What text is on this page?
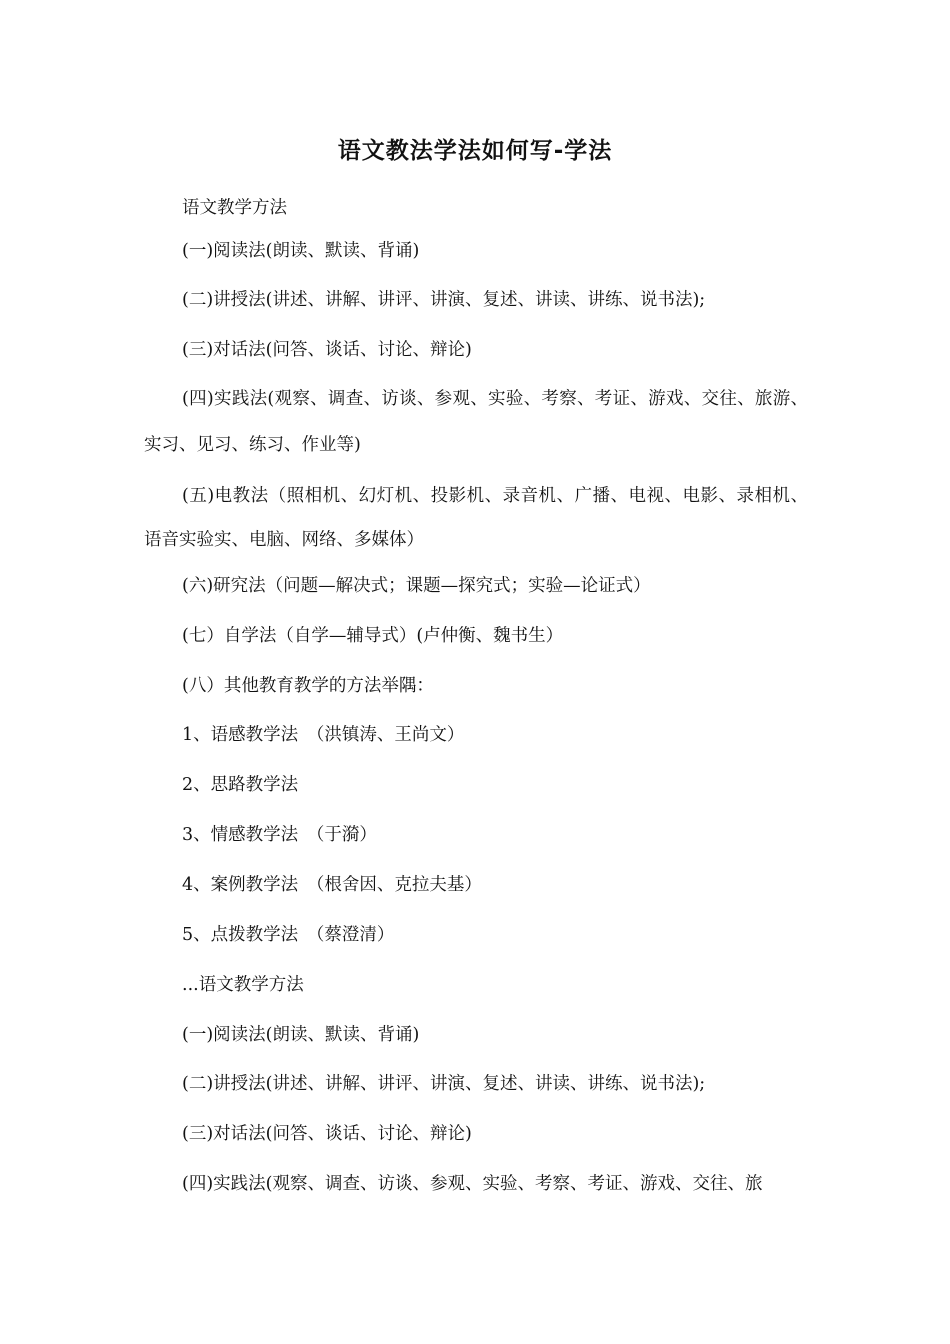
语文教法学法如何写-学法
语文教学方法
(一)阅读法(朗读、默读、背诵)
(二)讲授法(讲述、讲解、讲评、讲演、复述、讲读、讲练、说书法);
(三)对话法(问答、谈话、讨论、辩论)
(四)实践法(观察、调查、访谈、参观、实验、考察、考证、游戏、交往、旅游、实习、见习、练习、作业等)
(五)电教法（照相机、幻灯机、投影机、录音机、广播、电视、电影、录相机、语音实验实、电脑、网络、多媒体）
(六)研究法（问题—解决式；课题—探究式；实验—论证式）
(七）自学法（自学—辅导式）(卢仲衡、魏书生）
(八）其他教育教学的方法举隅：
1、语感教学法　（洪镇涛、王尚文）
2、思路教学法
3、情感教学法　（于漪）
4、案例教学法　（根舍因、克拉夫基）
5、点拨教学法　（蔡澄清）
...语文教学方法
(一)阅读法(朗读、默读、背诵)
(二)讲授法(讲述、讲解、讲评、讲演、复述、讲读、讲练、说书法);
(三)对话法(问答、谈话、讨论、辩论)
(四)实践法(观察、调查、访谈、参观、实验、考察、考证、游戏、交往、旅
